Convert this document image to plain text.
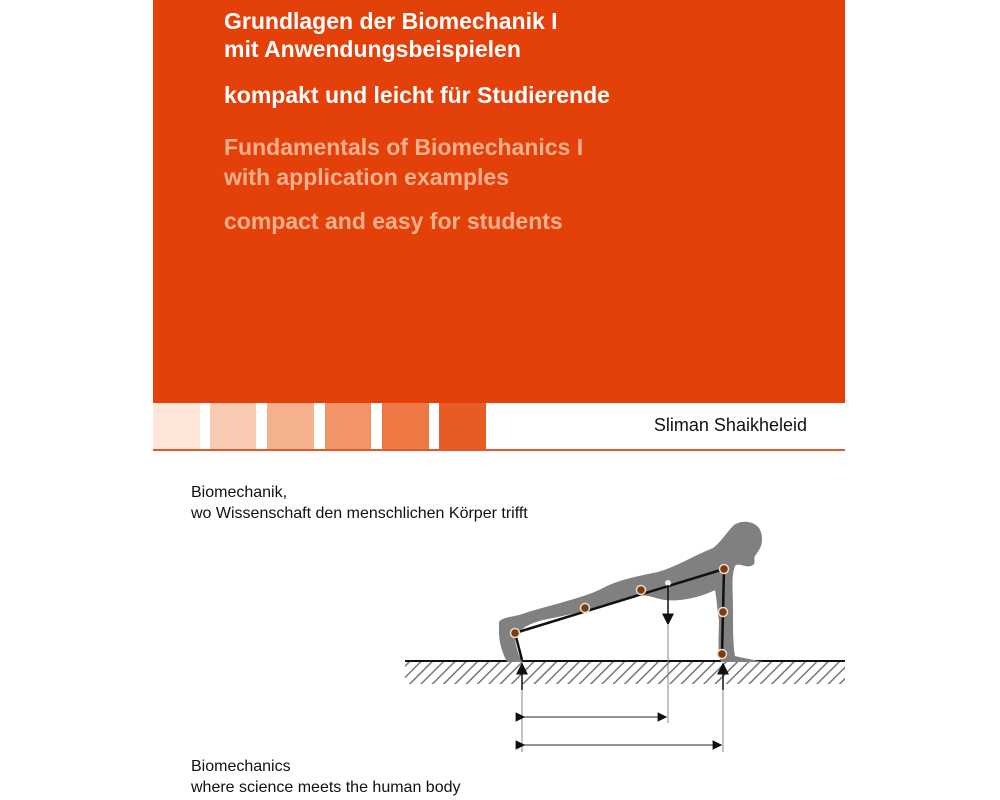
Grundlagen der Biomechanik I
mit Anwendungsbeispielen
kompakt und leicht für Studierende
Fundamentals of Biomechanics I
with application examples
compact and easy for students
Sliman Shaikheleid
Biomechanik,
wo Wissenschaft den menschlichen Körper trifft
Biomechanics
where science meets the human body
